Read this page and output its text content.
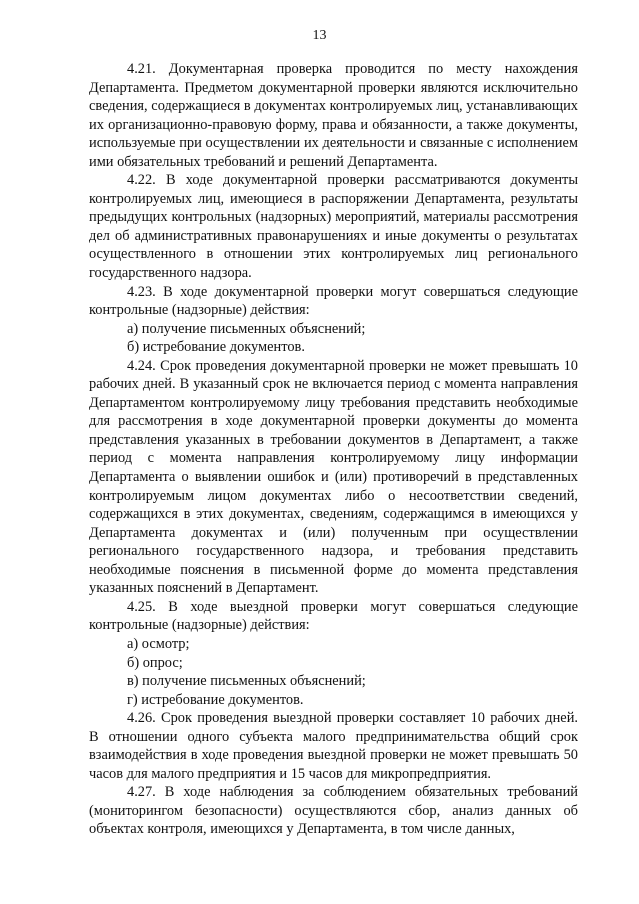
13

4.21. Документарная проверка проводится по месту нахождения Департамента. Предметом документарной проверки являются исключительно сведения, содержащиеся в документах контролируемых лиц, устанавливающих их организационно-правовую форму, права и обязанности, а также документы, используемые при осуществлении их деятельности и связанные с исполнением ими обязательных требований и решений Департамента.

4.22. В ходе документарной проверки рассматриваются документы контролируемых лиц, имеющиеся в распоряжении Департамента, результаты предыдущих контрольных (надзорных) мероприятий, материалы рассмотрения дел об административных правонарушениях и иные документы о результатах осуществленного в отношении этих контролируемых лиц регионального государственного надзора.

4.23. В ходе документарной проверки могут совершаться следующие контрольные (надзорные) действия:

а) получение письменных объяснений;

б) истребование документов.

4.24. Срок проведения документарной проверки не может превышать 10 рабочих дней. В указанный срок не включается период с момента направления Департаментом контролируемому лицу требования представить необходимые для рассмотрения в ходе документарной проверки документы до момента представления указанных в требовании документов в Департамент, а также период с момента направления контролируемому лицу информации Департамента о выявлении ошибок и (или) противоречий в представленных контролируемым лицом документах либо о несоответствии сведений, содержащихся в этих документах, сведениям, содержащимся в имеющихся у Департамента документах и (или) полученным при осуществлении регионального государственного надзора, и требования представить необходимые пояснения в письменной форме до момента представления указанных пояснений в Департамент.

4.25. В ходе выездной проверки могут совершаться следующие контрольные (надзорные) действия:

а) осмотр;

б) опрос;

в) получение письменных объяснений;

г) истребование документов.

4.26. Срок проведения выездной проверки составляет 10 рабочих дней. В отношении одного субъекта малого предпринимательства общий срок взаимодействия в ходе проведения выездной проверки не может превышать 50 часов для малого предприятия и 15 часов для микропредприятия.

4.27. В ходе наблюдения за соблюдением обязательных требований (мониторингом безопасности) осуществляются сбор, анализ данных об объектах контроля, имеющихся у Департамента, в том числе данных,
